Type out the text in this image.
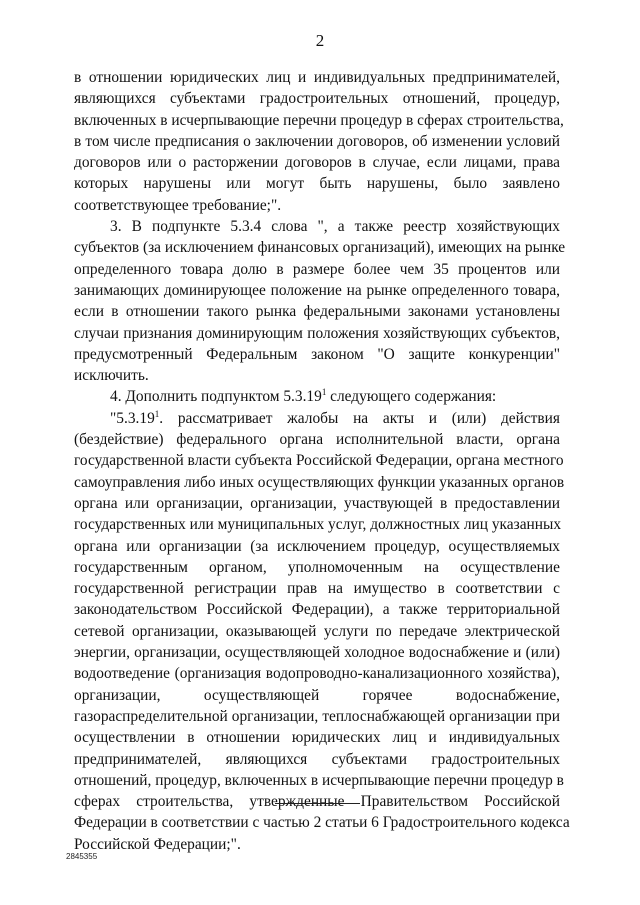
2
в отношении юридических лиц и индивидуальных предпринимателей,
являющихся субъектами градостроительных отношений, процедур,
включенных в исчерпывающие перечни процедур в сферах строительства,
в том числе предписания о заключении договоров, об изменении условий
договоров или о расторжении договоров в случае, если лицами, права
которых нарушены или могут быть нарушены, было заявлено
соответствующее требование;".
3. В подпункте 5.3.4 слова ", а также реестр хозяйствующих
субъектов (за исключением финансовых организаций), имеющих на рынке
определенного товара долю в размере более чем 35 процентов или
занимающих доминирующее положение на рынке определенного товара,
если в отношении такого рынка федеральными законами установлены
случаи признания доминирующим положения хозяйствующих субъектов,
предусмотренный Федеральным законом "О защите конкуренции"
исключить.
4. Дополнить подпунктом 5.3.19$^1$ следующего содержания:
"5.3.19$^1$. рассматривает жалобы на акты и (или) действия
(бездействие) федерального органа исполнительной власти, органа
государственной власти субъекта Российской Федерации, органа местного
самоуправления либо иных осуществляющих функции указанных органов
органа или организации, организации, участвующей в предоставлении
государственных или муниципальных услуг, должностных лиц указанных
органа или организации (за исключением процедур, осуществляемых
государственным органом, уполномоченным на осуществление
государственной регистрации прав на имущество в соответствии с
законодательством Российской Федерации), а также территориальной
сетевой организации, оказывающей услуги по передаче электрической
энергии, организации, осуществляющей холодное водоснабжение и (или)
водоотведение (организация водопроводно-канализационного хозяйства),
организации, осуществляющей горячее водоснабжение,
газораспределительной организации, теплоснабжающей организации при
осуществлении в отношении юридических лиц и индивидуальных
предпринимателей, являющихся субъектами градостроительных
отношений, процедур, включенных в исчерпывающие перечни процедур в
сферах строительства, утвержденные Правительством Российской
Федерации в соответствии с частью 2 статьи 6 Градостроительного кодекса
Российской Федерации;".
2845355
